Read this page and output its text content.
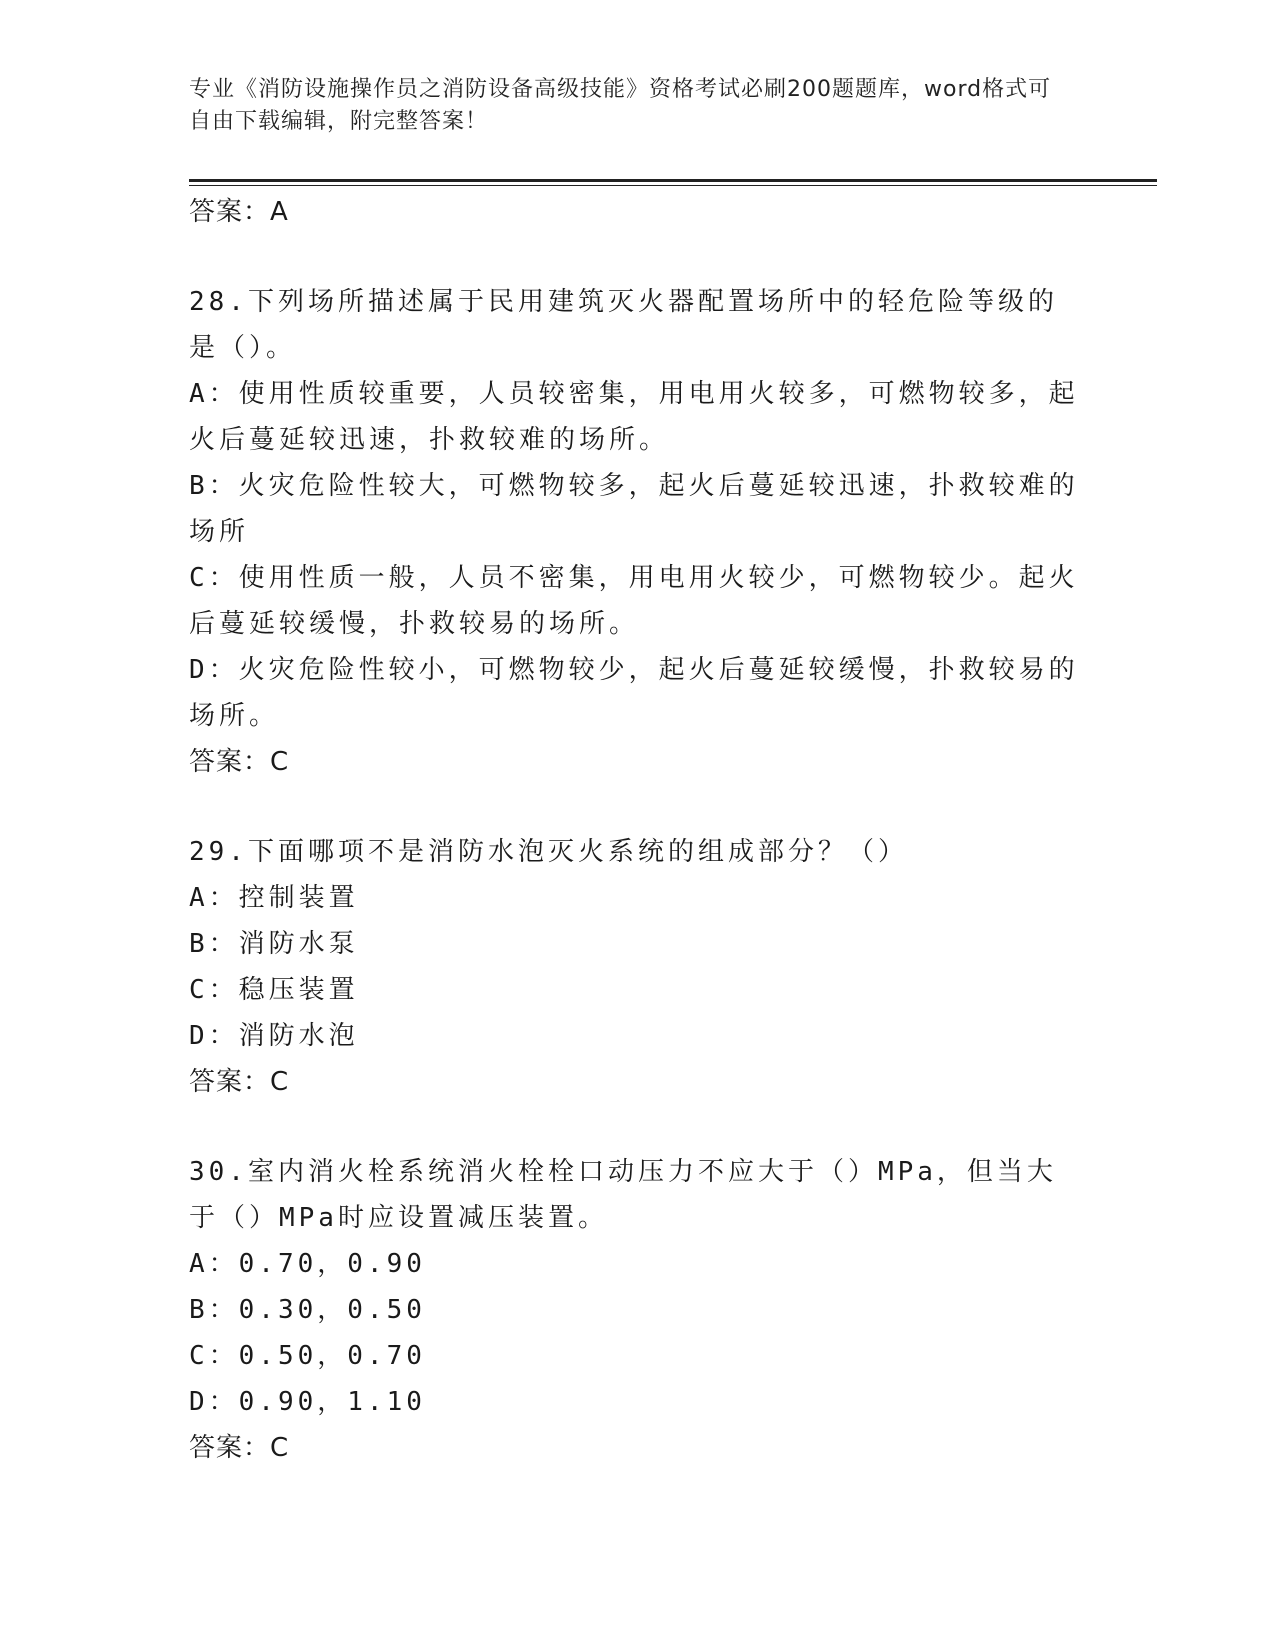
专业《消防设施操作员之消防设备高级技能》资格考试必刷200题题库，word格式可自由下载编辑，附完整答案！
答案：A
28.下列场所描述属于民用建筑灭火器配置场所中的轻危险等级的是（）。
A：使用性质较重要，人员较密集，用电用火较多，可燃物较多，起火后蔓延较迅速，扑救较难的场所。
B：火灾危险性较大，可燃物较多，起火后蔓延较迅速，扑救较难的场所
C：使用性质一般，人员不密集，用电用火较少，可燃物较少。起火后蔓延较缓慢，扑救较易的场所。
D：火灾危险性较小，可燃物较少，起火后蔓延较缓慢，扑救较易的场所。
答案：C
29.下面哪项不是消防水泡灭火系统的组成部分？（）
A：控制装置
B：消防水泵
C：稳压装置
D：消防水泡
答案：C
30.室内消火栓系统消火栓栓口动压力不应大于（）MPa，但当大于（）MPa时应设置减压装置。
A：0.70，0.90
B：0.30，0.50
C：0.50，0.70
D：0.90，1.10
答案：C
